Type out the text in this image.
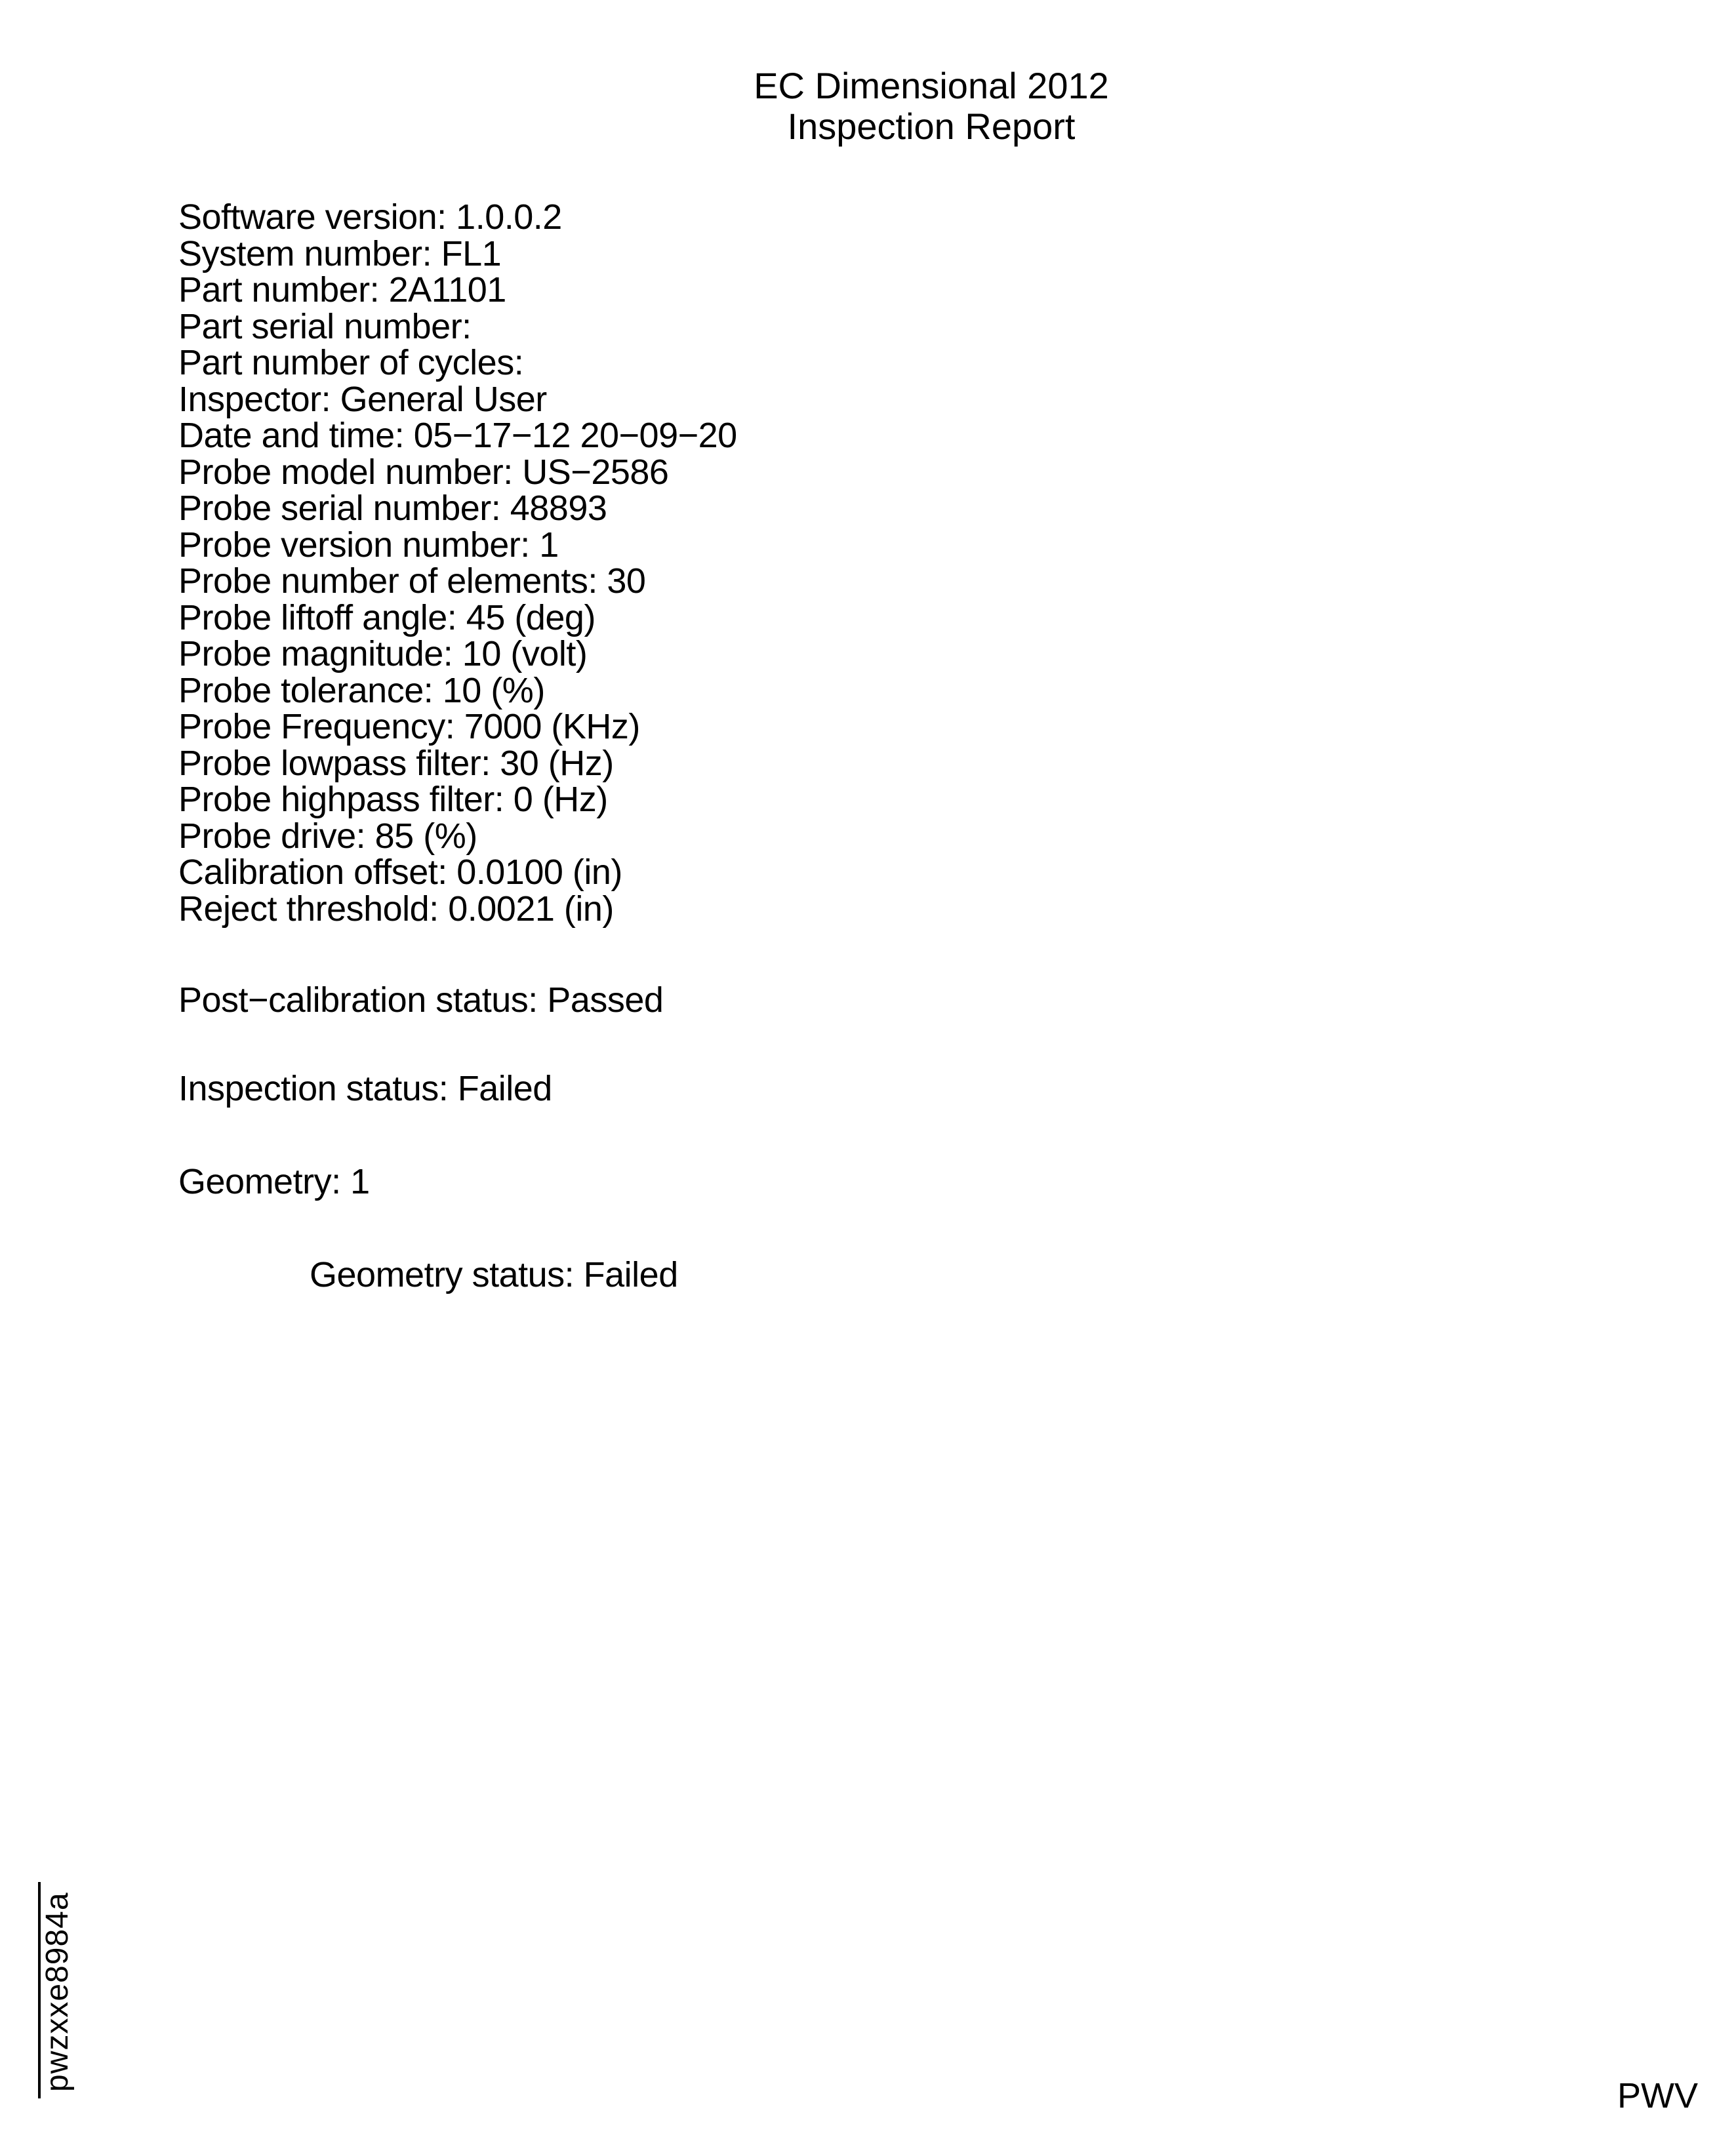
EC Dimensional 2012
Inspection Report
Software version: 1.0.0.2
System number: FL1
Part number: 2A1101
Part serial number:
Part number of cycles:
Inspector: General User
Date and time: 05−17−12 20−09−20
Probe model number: US−2586
Probe serial number: 48893
Probe version number: 1
Probe number of elements: 30
Probe liftoff angle: 45 (deg)
Probe magnitude: 10 (volt)
Probe tolerance: 10 (%)
Probe Frequency: 7000 (KHz)
Probe lowpass filter: 30 (Hz)
Probe highpass filter: 0 (Hz)
Probe drive: 85 (%)
Calibration offset: 0.0100 (in)
Reject threshold: 0.0021 (in)
Post−calibration status: Passed
Inspection status: Failed
Geometry: 1
Geometry status: Failed
pwzxxe8984a
PWV
